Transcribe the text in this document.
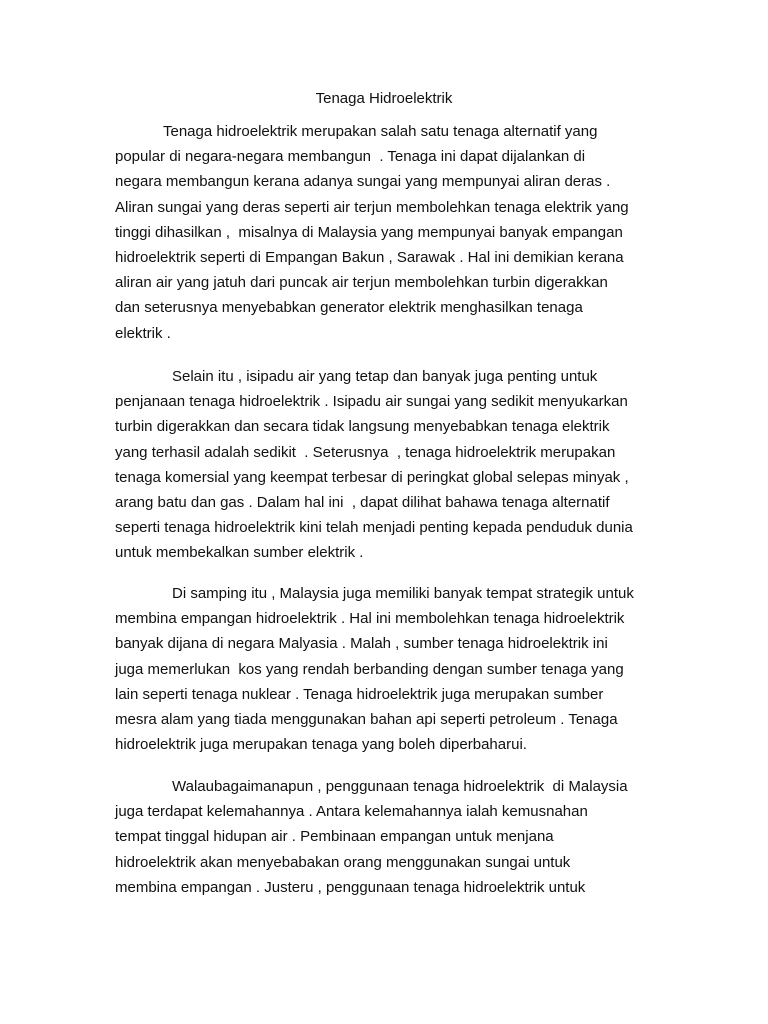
Tenaga Hidroelektrik
Tenaga hidroelektrik merupakan salah satu tenaga alternatif yang
popular di negara-negara membangun  . Tenaga ini dapat dijalankan di
negara membangun kerana adanya sungai yang mempunyai aliran deras .
Aliran sungai yang deras seperti air terjun membolehkan tenaga elektrik yang
tinggi dihasilkan ,  misalnya di Malaysia yang mempunyai banyak empangan
hidroelektrik seperti di Empangan Bakun , Sarawak . Hal ini demikian kerana
aliran air yang jatuh dari puncak air terjun membolehkan turbin digerakkan
dan seterusnya menyebabkan generator elektrik menghasilkan tenaga
elektrik .
Selain itu , isipadu air yang tetap dan banyak juga penting untuk
penjanaan tenaga hidroelektrik . Isipadu air sungai yang sedikit menyukarkan
turbin digerakkan dan secara tidak langsung menyebabkan tenaga elektrik
yang terhasil adalah sedikit  . Seterusnya  , tenaga hidroelektrik merupakan
tenaga komersial yang keempat terbesar di peringkat global selepas minyak ,
arang batu dan gas . Dalam hal ini  , dapat dilihat bahawa tenaga alternatif
seperti tenaga hidroelektrik kini telah menjadi penting kepada penduduk dunia
untuk membekalkan sumber elektrik .
Di samping itu , Malaysia juga memiliki banyak tempat strategik untuk
membina empangan hidroelektrik . Hal ini membolehkan tenaga hidroelektrik
banyak dijana di negara Malyasia . Malah , sumber tenaga hidroelektrik ini
juga memerlukan  kos yang rendah berbanding dengan sumber tenaga yang
lain seperti tenaga nuklear . Tenaga hidroelektrik juga merupakan sumber
mesra alam yang tiada menggunakan bahan api seperti petroleum . Tenaga
hidroelektrik juga merupakan tenaga yang boleh diperbaharui.
Walaubagaimanapun , penggunaan tenaga hidroelektrik  di Malaysia
juga terdapat kelemahannya . Antara kelemahannya ialah kemusnahan
tempat tinggal hidupan air . Pembinaan empangan untuk menjana
hidroelektrik akan menyebabakan orang menggunakan sungai untuk
membina empangan . Justeru , penggunaan tenaga hidroelektrik untuk
